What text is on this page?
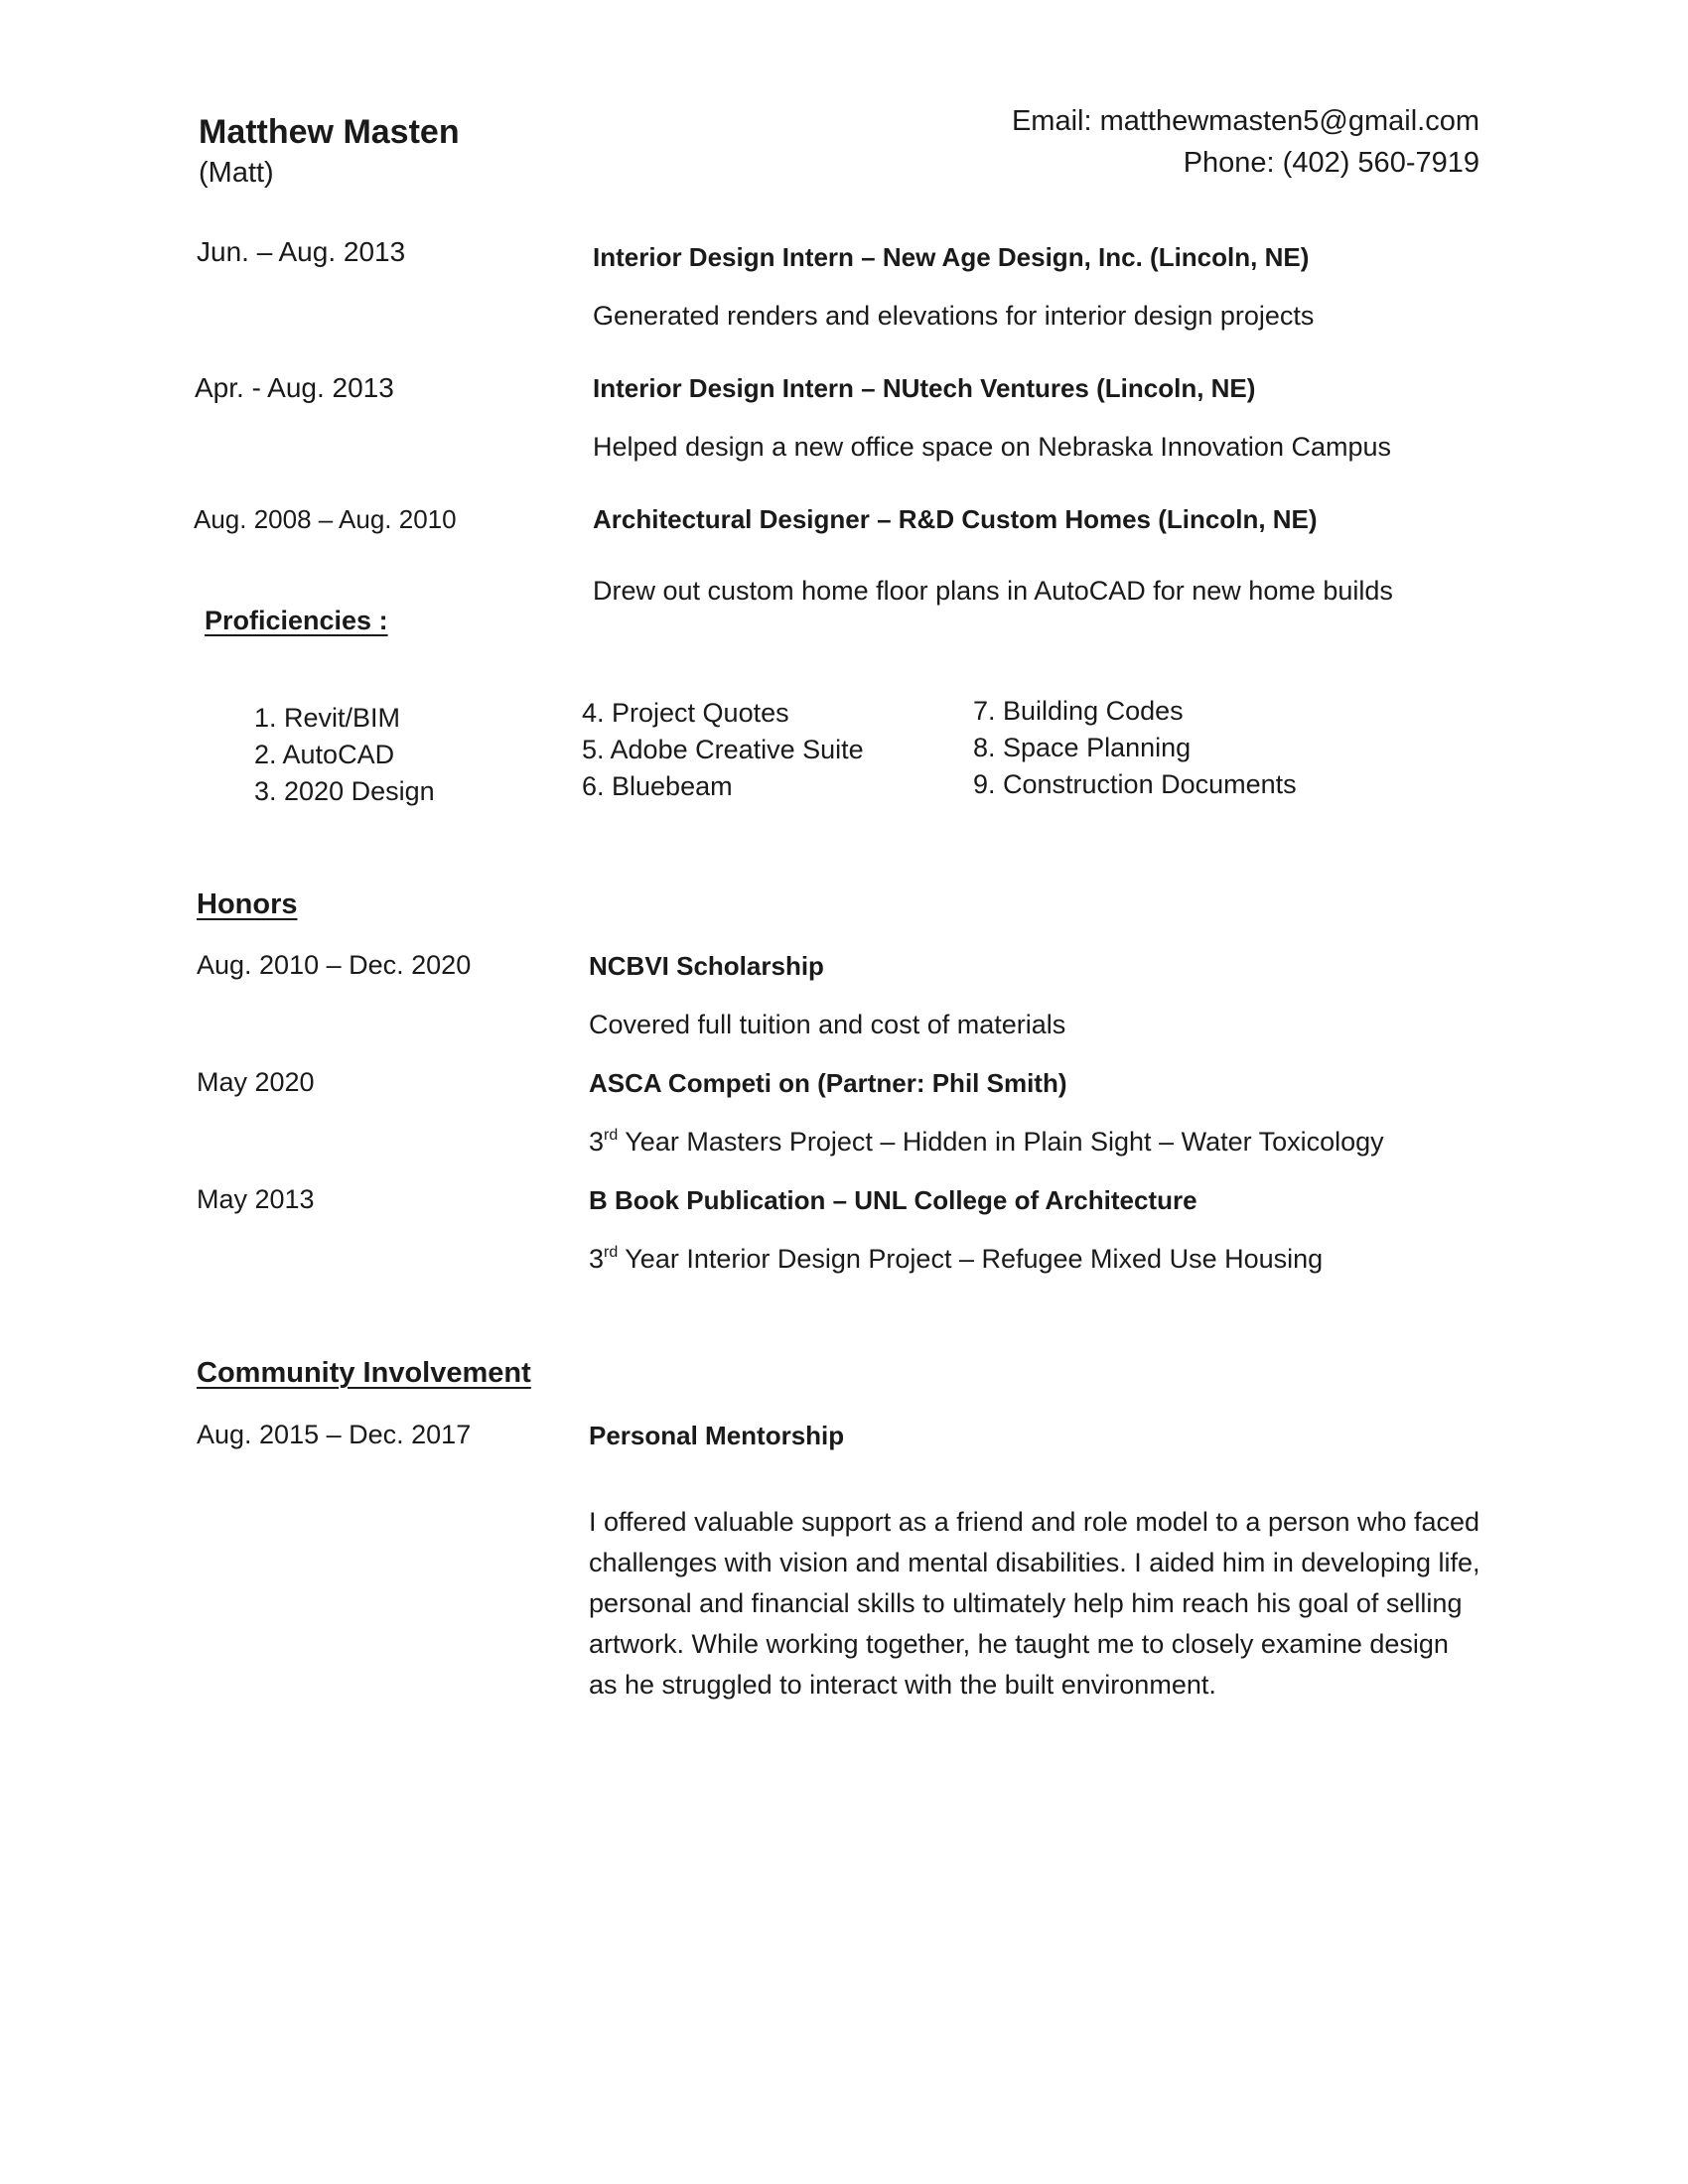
Matthew Masten
(Matt)
Email: matthewmasten5@gmail.com
Phone: (402) 560-7919
Jun. – Aug. 2013	Interior Design Intern – New Age Design, Inc. (Lincoln, NE)
Generated renders and elevations for interior design projects
Apr. - Aug. 2013	Interior Design Intern – NUtech Ventures (Lincoln, NE)
Helped design a new office space on Nebraska Innovation Campus
Aug. 2008 – Aug. 2010	Architectural Designer – R&D Custom Homes (Lincoln, NE)
Drew out custom home floor plans in AutoCAD for new home builds
Proficiencies :
1. Revit/BIM
2. AutoCAD
3. 2020 Design
4. Project Quotes
5. Adobe Creative Suite
6. Bluebeam
7. Building Codes
8. Space Planning
9. Construction Documents
Honors
Aug. 2010 – Dec. 2020	NCBVI Scholarship
Covered full tuition and cost of materials
May 2020	ASCA Competi on (Partner: Phil Smith)
3rd Year Masters Project – Hidden in Plain Sight – Water Toxicology
May 2013	B Book Publication – UNL College of Architecture
3rd Year Interior Design Project – Refugee Mixed Use Housing
Community Involvement
Aug. 2015 – Dec. 2017	Personal Mentorship
I offered valuable support as a friend and role model to a person who faced challenges with vision and mental disabilities. I aided him in developing life, personal and financial skills to ultimately help him reach his goal of selling artwork. While working together, he taught me to closely examine design as he struggled to interact with the built environment.
